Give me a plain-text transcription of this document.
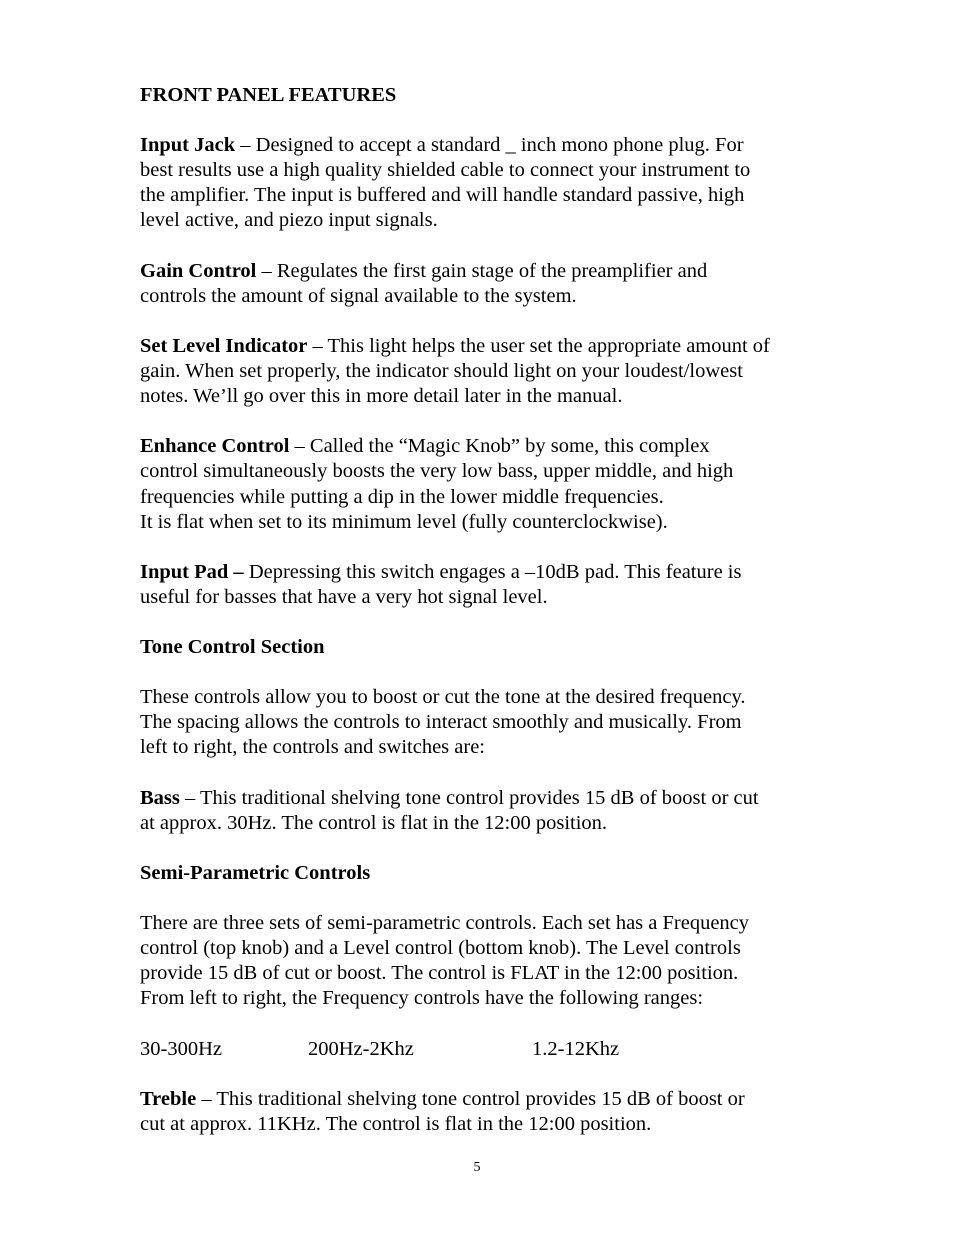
FRONT PANEL FEATURES

Input Jack – Designed to accept a standard _ inch mono phone plug. For
best results use a high quality shielded cable to connect your instrument to
the amplifier. The input is buffered and will handle standard passive, high
level active, and piezo input signals.

Gain Control – Regulates the first gain stage of the preamplifier and
controls the amount of signal available to the system.

Set Level Indicator – This light helps the user set the appropriate amount of
gain. When set properly, the indicator should light on your loudest/lowest
notes. We’ll go over this in more detail later in the manual.

Enhance Control – Called the “Magic Knob” by some, this complex
control simultaneously boosts the very low bass, upper middle, and high
frequencies while putting a dip in the lower middle frequencies.
It is flat when set to its minimum level (fully counterclockwise).

Input Pad – Depressing this switch engages a –10dB pad. This feature is
useful for basses that have a very hot signal level.

Tone Control Section

These controls allow you to boost or cut the tone at the desired frequency.
The spacing allows the controls to interact smoothly and musically. From
left to right, the controls and switches are:

Bass – This traditional shelving tone control provides 15 dB of boost or cut
at approx. 30Hz. The control is flat in the 12:00 position.

Semi-Parametric Controls

There are three sets of semi-parametric controls. Each set has a Frequency
control (top knob) and a Level control (bottom knob). The Level controls
provide 15 dB of cut or boost. The control is FLAT in the 12:00 position.
From left to right, the Frequency controls have the following ranges:

30-300Hz	200Hz-2Khz	1.2-12Khz

Treble – This traditional shelving tone control provides 15 dB of boost or
cut at approx. 11KHz. The control is flat in the 12:00 position.

5
